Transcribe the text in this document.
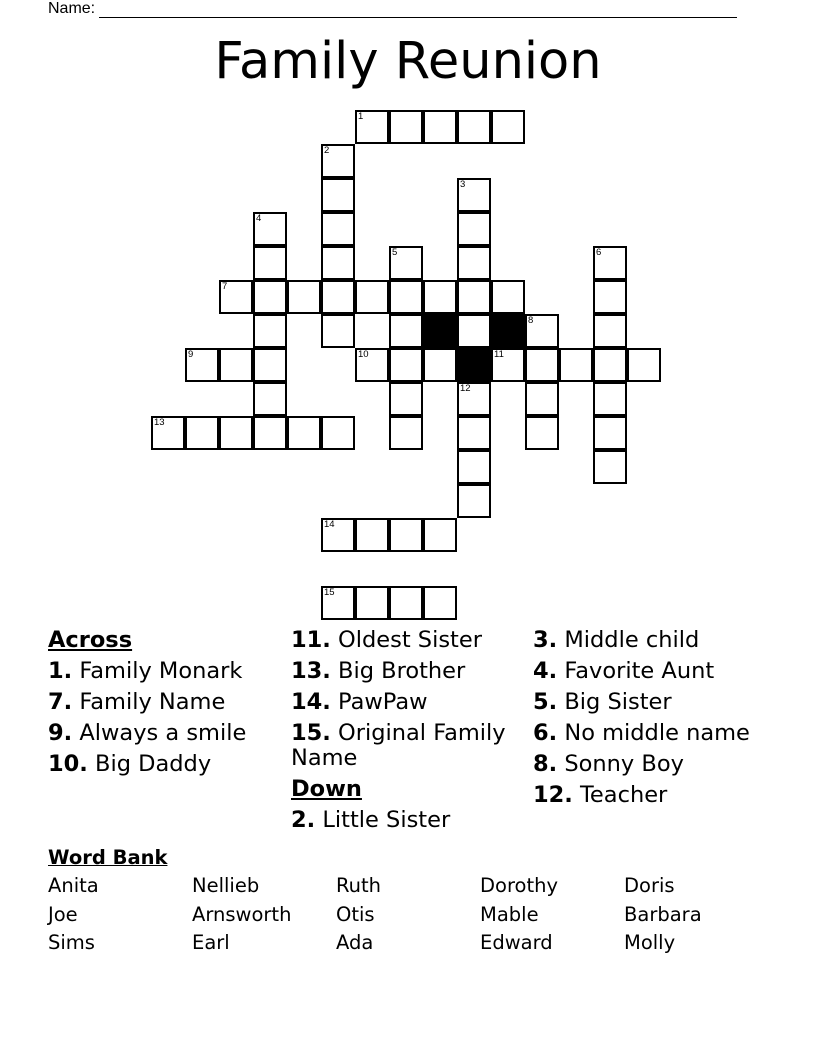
Name:
Family Reunion
1
2
3
12
4
5	6
7
9	10	11
8
13
14
15
Across
1. Family Monark
7. Family Name
9. Always a smile
10. Big Daddy
11. Oldest Sister
13. Big Brother
14. PawPaw
15. Original Family Name
Down
2. Little Sister
3. Middle child
4. Favorite Aunt
5. Big Sister
6. No middle name
8. Sonny Boy
12. Teacher
Word Bank
Anita	Nellieb	Ruth	Dorothy	Doris
Joe	Arnsworth	Otis	Mable	Barbara
Sims	Earl	Ada	Edward	Molly
